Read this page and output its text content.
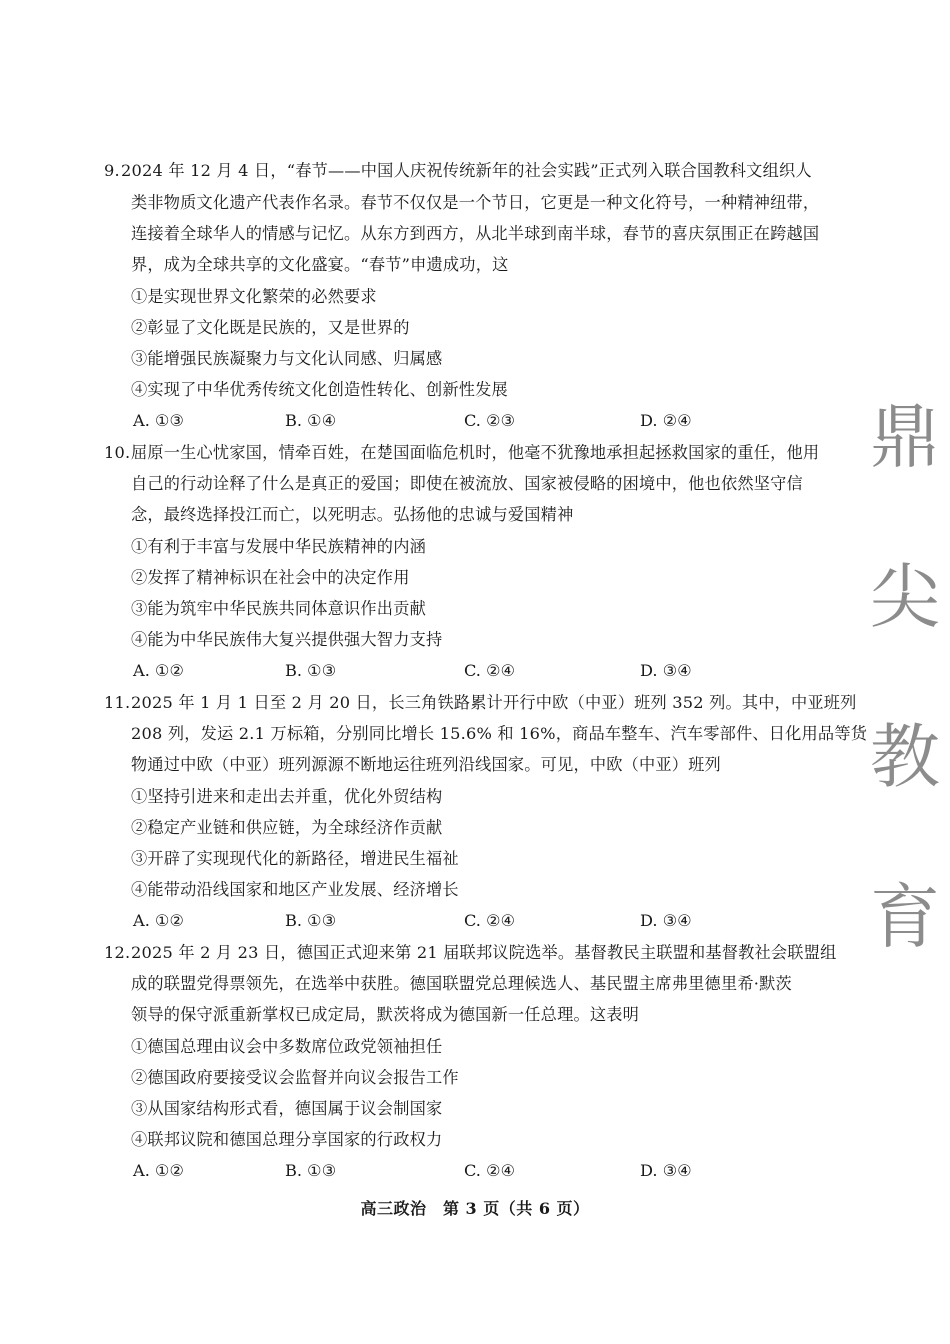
9. 2024 年 12 月 4 日，“春节——中国人庆祝传统新年的社会实践”正式列入联合国教科文组织人
类非物质文化遗产代表作名录。春节不仅仅是一个节日，它更是一种文化符号，一种精神纽带，
连接着全球华人的情感与记忆。从东方到西方，从北半球到南半球，春节的喜庆氛围正在跨越国
界，成为全球共享的文化盛宴。“春节”申遗成功，这
①是实现世界文化繁荣的必然要求
②彰显了文化既是民族的，又是世界的
③能增强民族凝聚力与文化认同感、归属感
④实现了中华优秀传统文化创造性转化、创新性发展
A. ①③	B. ①④	C. ②③	D. ②④
10. 屈原一生心忧家国，情牵百姓，在楚国面临危机时，他毫不犹豫地承担起拯救国家的重任，他用
自己的行动诠释了什么是真正的爱国；即使在被流放、国家被侵略的困境中，他也依然坚守信
念，最终选择投江而亡，以死明志。弘扬他的忠诚与爱国精神
①有利于丰富与发展中华民族精神的内涵
②发挥了精神标识在社会中的决定作用
③能为筑牢中华民族共同体意识作出贡献
④能为中华民族伟大复兴提供强大智力支持
A. ①②	B. ①③	C. ②④	D. ③④
11. 2025 年 1 月 1 日至 2 月 20 日，长三角铁路累计开行中欧（中亚）班列 352 列。其中，中亚班列
208 列，发运 2.1 万标箱，分别同比增长 15.6% 和 16%，商品车整车、汽车零部件、日化用品等货
物通过中欧（中亚）班列源源不断地运往班列沿线国家。可见，中欧（中亚）班列
①坚持引进来和走出去并重，优化外贸结构
②稳定产业链和供应链，为全球经济作贡献
③开辟了实现现代化的新路径，增进民生福祉
④能带动沿线国家和地区产业发展、经济增长
A. ①②	B. ①③	C. ②④	D. ③④
12. 2025 年 2 月 23 日，德国正式迎来第 21 届联邦议院选举。基督教民主联盟和基督教社会联盟组
成的联盟党得票领先，在选举中获胜。德国联盟党总理候选人、基民盟主席弗里德里希·默茨
领导的保守派重新掌权已成定局，默茨将成为德国新一任总理。这表明
①德国总理由议会中多数席位政党领袖担任
②德国政府要接受议会监督并向议会报告工作
③从国家结构形式看，德国属于议会制国家
④联邦议院和德国总理分享国家的行政权力
A. ①②	B. ①③	C. ②④	D. ③④
高三政治　第 3 页（共 6 页）
鼎
尖
教
育
